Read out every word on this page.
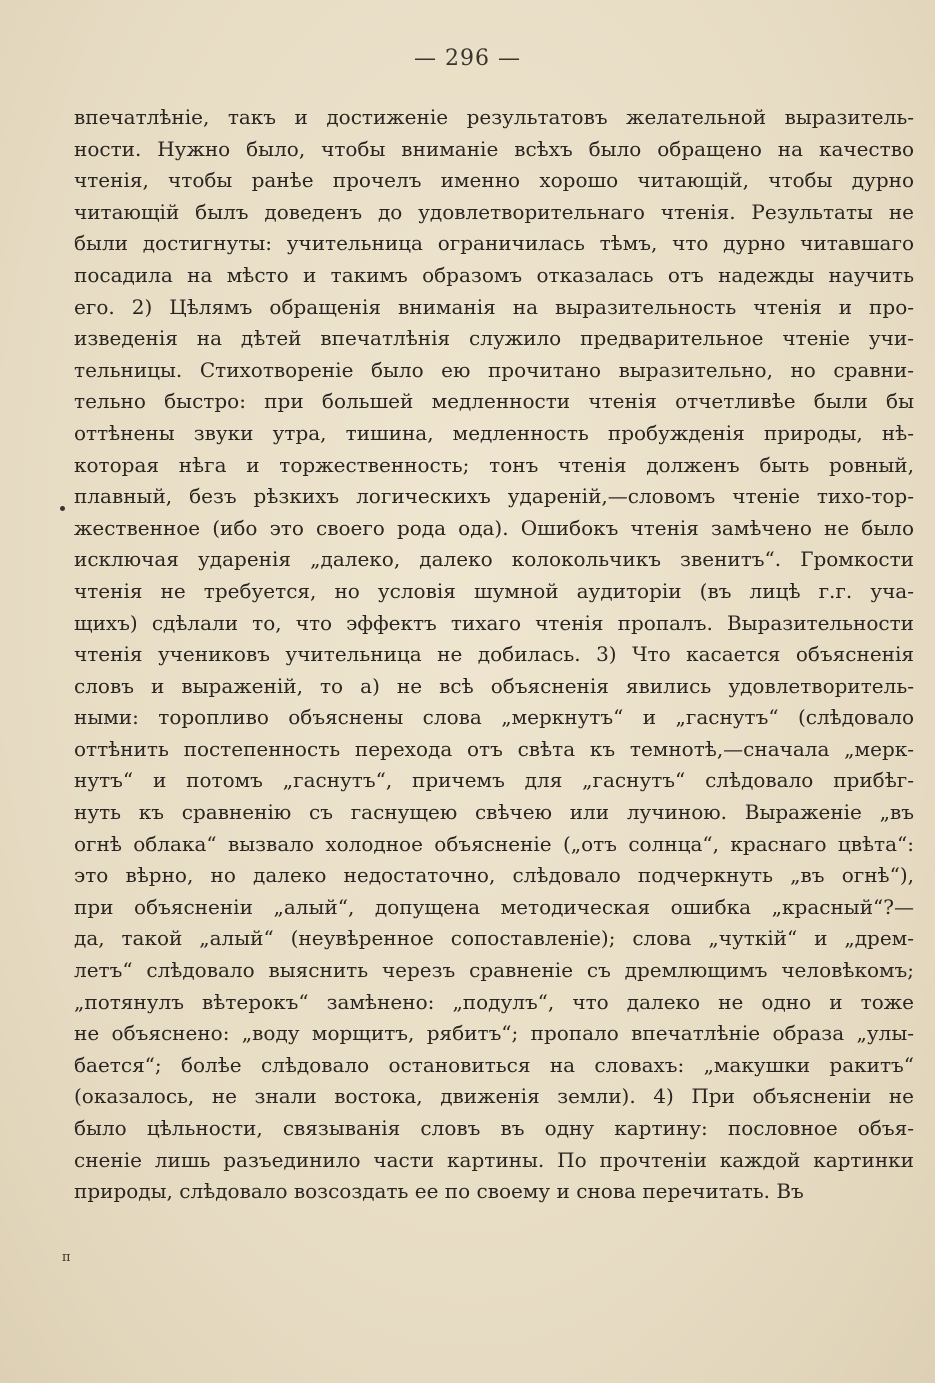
— 296 —
впечатлѣніе, такъ и достиженіе результатовъ желательной выразитель-
ности. Нужно было, чтобы вниманіе всѣхъ было обращено на качество
чтенія, чтобы ранѣе прочелъ именно хорошо читающій, чтобы дурно
читающій былъ доведенъ до удовлетворительнаго чтенія. Результаты не
были достигнуты: учительница ограничилась тѣмъ, что дурно читавшаго
посадила на мѣсто и такимъ образомъ отказалась отъ надежды научить
его. 2) Цѣлямъ обращенія вниманія на выразительность чтенія и про-
изведенія на дѣтей впечатлѣнія служило предварительное чтеніе учи-
тельницы. Стихотвореніе было ею прочитано выразительно, но сравни-
тельно быстро: при большей медленности чтенія отчетливѣе были бы
оттѣнены звуки утра, тишина, медленность пробужденія природы, нѣ-
которая нѣга и торжественность; тонъ чтенія долженъ быть ровный,
плавный, безъ рѣзкихъ логическихъ удареній,—словомъ чтеніе тихо-тор-
жественное (ибо это своего рода ода). Ошибокъ чтенія замѣчено не было
исключая ударенія „далеко, далеко колокольчикъ звенитъ“. Громкости
чтенія не требуется, но условія шумной аудиторіи (въ лицѣ г.г. уча-
щихъ) сдѣлали то, что эффектъ тихаго чтенія пропалъ. Выразительности
чтенія учениковъ учительница не добилась. 3) Что касается объясненія
словъ и выраженій, то а) не всѣ объясненія явились удовлетворитель-
ными: торопливо объяснены слова „меркнутъ“ и „гаснутъ“ (слѣдовало
оттѣнить постепенность перехода отъ свѣта къ темнотѣ,—сначала „мерк-
нутъ“ и потомъ „гаснутъ“, причемъ для „гаснутъ“ слѣдовало прибѣг-
нуть къ сравненію съ гаснущею свѣчею или лучиною. Выраженіе „въ
огнѣ облака“ вызвало холодное объясненіе („отъ солнца“, краснаго цвѣта“:
это вѣрно, но далеко недостаточно, слѣдовало подчеркнуть „въ огнѣ“),
при объясненіи „алый“, допущена методическая ошибка „красный“?—
да, такой „алый“ (неувѣренное сопоставленіе); слова „чуткій“ и „дрем-
летъ“ слѣдовало выяснить черезъ сравненіе съ дремлющимъ человѣкомъ;
„потянулъ вѣтерокъ“ замѣнено: „подулъ“, что далеко не одно и тоже
не объяснено: „воду морщитъ, рябитъ“; пропало впечатлѣніе образа „улы-
бается“; болѣе слѣдовало остановиться на словахъ: „макушки ракитъ“
(оказалось, не знали востока, движенія земли). 4) При объясненіи не
было цѣльности, связыванія словъ въ одну картину: пословное объя-
сненіе лишь разъединило части картины. По прочтеніи каждой картинки
природы, слѣдовало возсоздать ее по своему и снова перечитать. Въ
п
